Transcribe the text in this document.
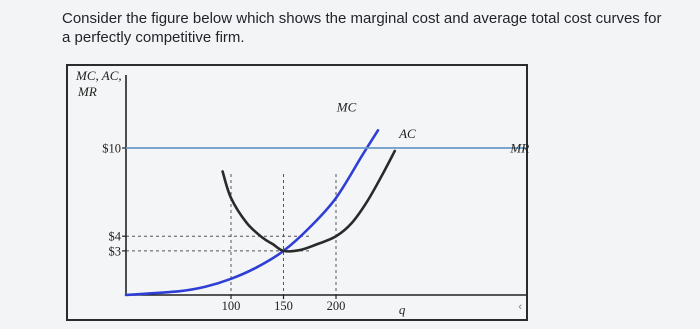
Consider the figure below which shows the marginal cost and average total cost curves for a perfectly competitive firm.
MC, AC,
MR
$10
$4
$3
100	150	200	q
MC
AC
MR
‹
